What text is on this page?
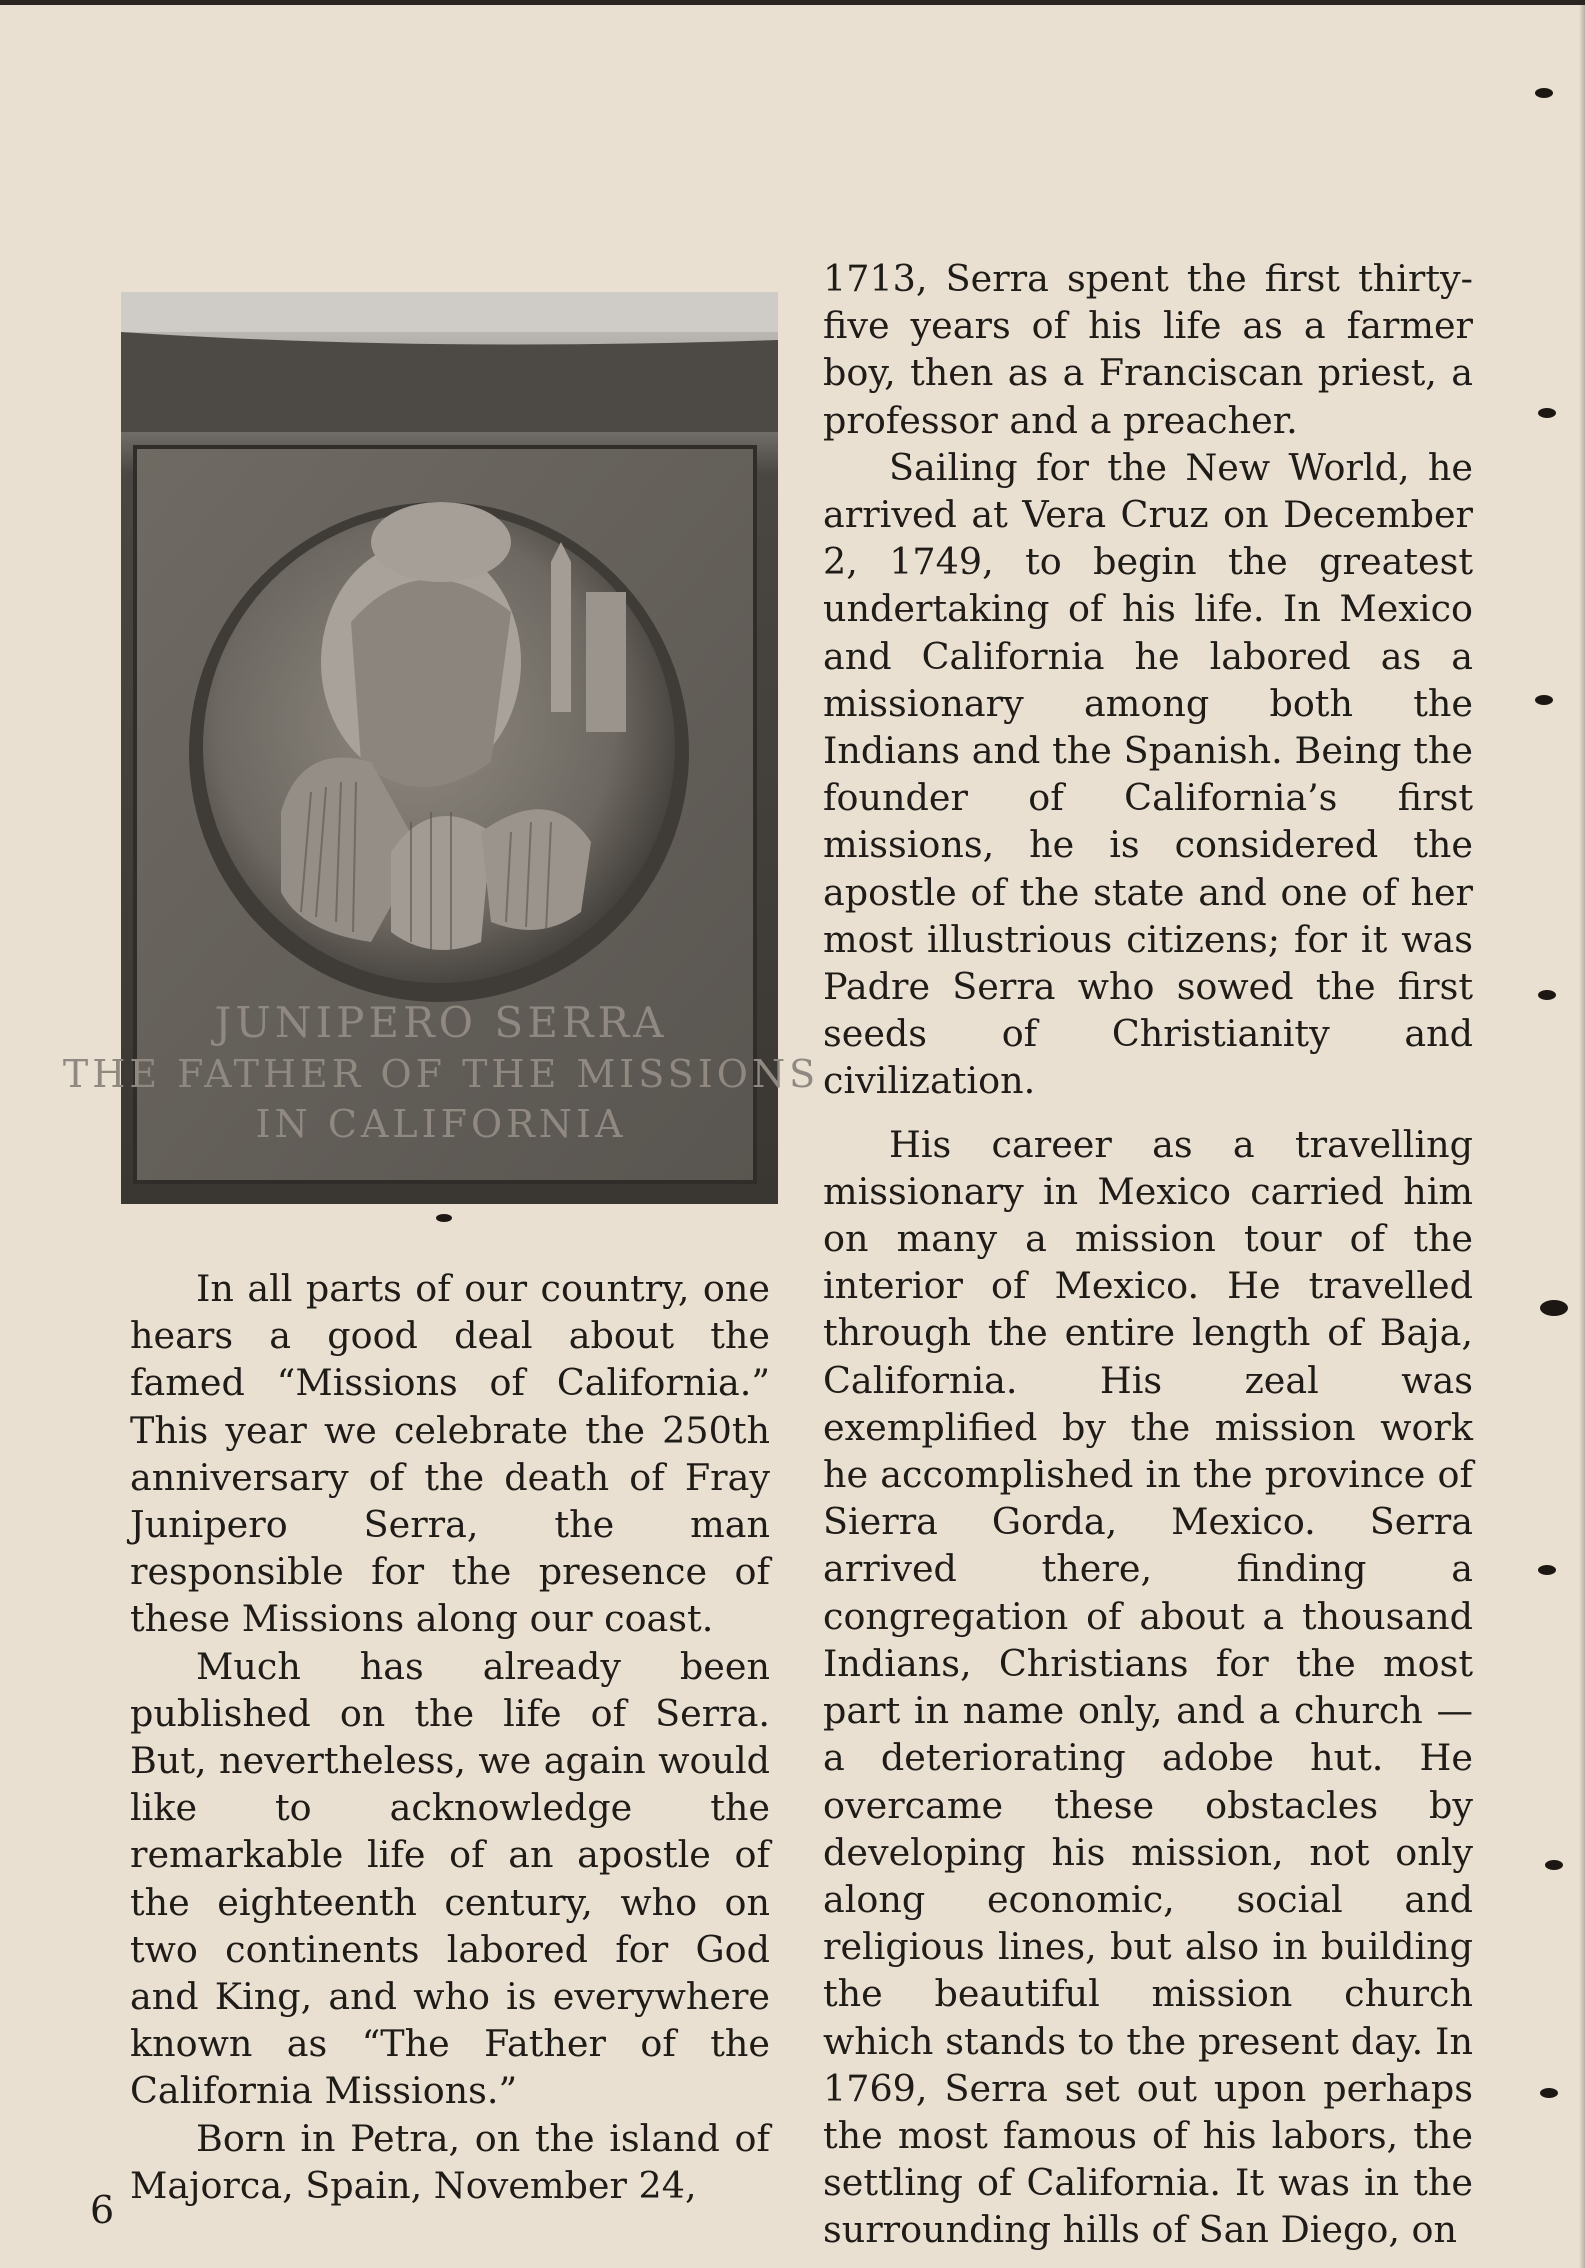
JUNIPERO SERRA
THE FATHER OF THE MISSIONS
IN CALIFORNIA

In all parts of our country, one hears a good deal about the famed “Missions of California.” This year we celebrate the 250th anniversary of the death of Fray Junipero Serra, the man responsible for the presence of these Missions along our coast.

Much has already been published on the life of Serra. But, nevertheless, we again would like to acknowledge the remarkable life of an apostle of the eighteenth century, who on two continents labored for God and King, and who is everywhere known as “The Father of the California Missions.”

Born in Petra, on the island of Majorca, Spain, November 24,

1713, Serra spent the first thirty-five years of his life as a farmer boy, then as a Franciscan priest, a professor and a preacher.

Sailing for the New World, he arrived at Vera Cruz on December 2, 1749, to begin the greatest undertaking of his life. In Mexico and California he labored as a missionary among both the Indians and the Spanish. Being the founder of California’s first missions, he is considered the apostle of the state and one of her most illustrious citizens; for it was Padre Serra who sowed the first seeds of Christianity and civilization.

His career as a travelling missionary in Mexico carried him on many a mission tour of the interior of Mexico. He travelled through the entire length of Baja, California. His zeal was exemplified by the mission work he accomplished in the province of Sierra Gorda, Mexico. Serra arrived there, finding a congregation of about a thousand Indians, Christians for the most part in name only, and a church — a deteriorating adobe hut. He overcame these obstacles by developing his mission, not only along economic, social and religious lines, but also in building the beautiful mission church which stands to the present day. In 1769, Serra set out upon perhaps the most famous of his labors, the settling of California. It was in the surrounding hills of San Diego, on

6
